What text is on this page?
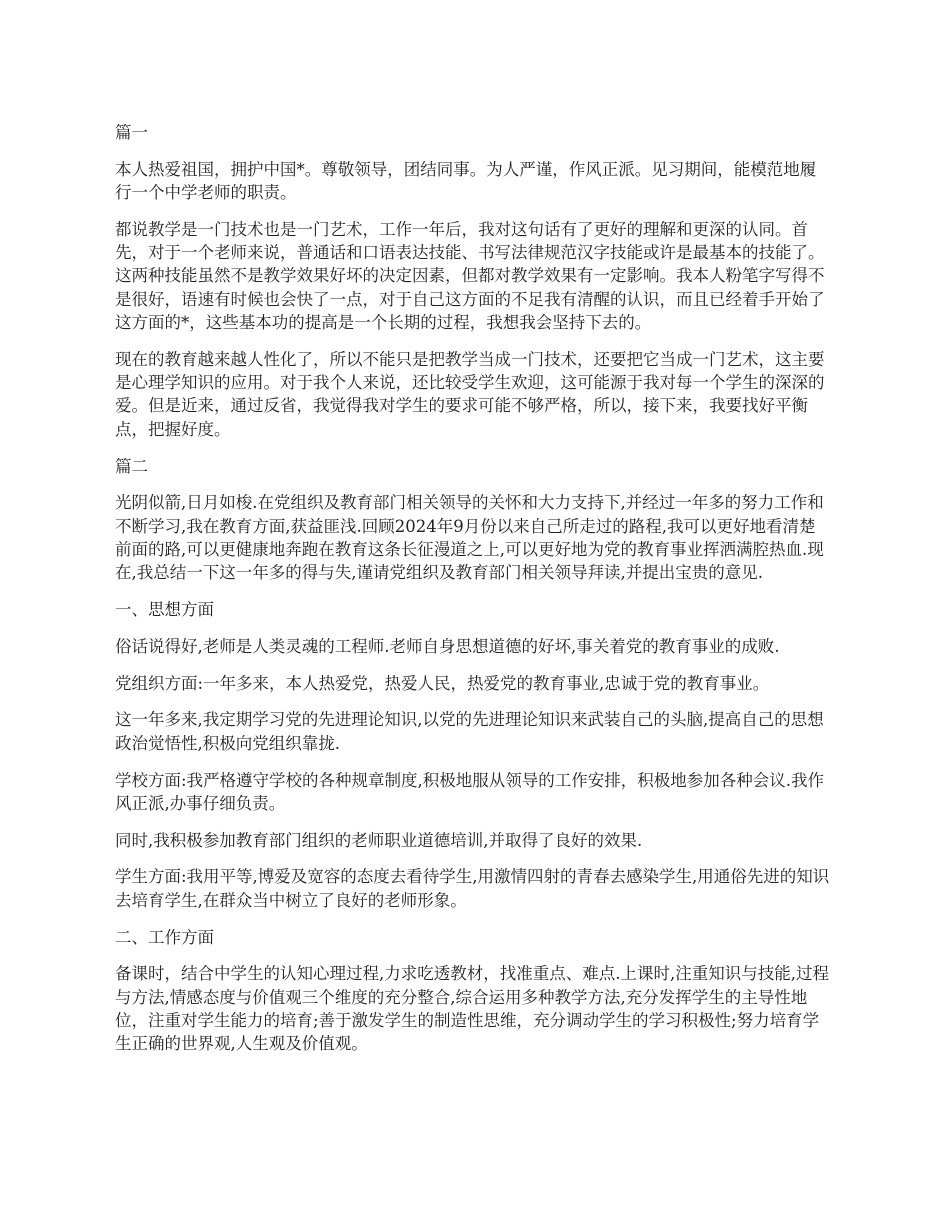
篇一
本人热爱祖国，拥护中国*。尊敬领导，团结同事。为人严谨，作风正派。见习期间，能模范地履行一个中学老师的职责。
都说教学是一门技术也是一门艺术，工作一年后，我对这句话有了更好的理解和更深的认同。首先，对于一个老师来说，普通话和口语表达技能、书写法律规范汉字技能或许是最基本的技能了。这两种技能虽然不是教学效果好坏的决定因素，但都对教学效果有一定影响。我本人粉笔字写得不是很好，语速有时候也会快了一点，对于自己这方面的不足我有清醒的认识，而且已经着手开始了这方面的*，这些基本功的提高是一个长期的过程，我想我会坚持下去的。
现在的教育越来越人性化了，所以不能只是把教学当成一门技术，还要把它当成一门艺术，这主要是心理学知识的应用。对于我个人来说，还比较受学生欢迎，这可能源于我对每一个学生的深深的爱。但是近来，通过反省，我觉得我对学生的要求可能不够严格，所以，接下来，我要找好平衡点，把握好度。
篇二
光阴似箭,日月如梭.在党组织及教育部门相关领导的关怀和大力支持下,并经过一年多的努力工作和不断学习,我在教育方面,获益匪浅.回顾2024年9月份以来自己所走过的路程,我可以更好地看清楚前面的路,可以更健康地奔跑在教育这条长征漫道之上,可以更好地为党的教育事业挥洒满腔热血.现在,我总结一下这一年多的得与失,谨请党组织及教育部门相关领导拜读,并提出宝贵的意见.
一、思想方面
俗话说得好,老师是人类灵魂的工程师.老师自身思想道德的好坏,事关着党的教育事业的成败.
党组织方面:一年多来，本人热爱党，热爱人民，热爱党的教育事业,忠诚于党的教育事业。
这一年多来,我定期学习党的先进理论知识,以党的先进理论知识来武装自己的头脑,提高自己的思想政治觉悟性,积极向党组织靠拢.
学校方面:我严格遵守学校的各种规章制度,积极地服从领导的工作安排，积极地参加各种会议.我作风正派,办事仔细负责。
同时,我积极参加教育部门组织的老师职业道德培训,并取得了良好的效果.
学生方面:我用平等,博爱及宽容的态度去看待学生,用激情四射的青春去感染学生,用通俗先进的知识去培育学生,在群众当中树立了良好的老师形象。
二、工作方面
备课时，结合中学生的认知心理过程,力求吃透教材，找准重点、难点.上课时,注重知识与技能,过程与方法,情感态度与价值观三个维度的充分整合,综合运用多种教学方法,充分发挥学生的主导性地位，注重对学生能力的培育;善于激发学生的制造性思维，充分调动学生的学习积极性;努力培育学生正确的世界观,人生观及价值观。
